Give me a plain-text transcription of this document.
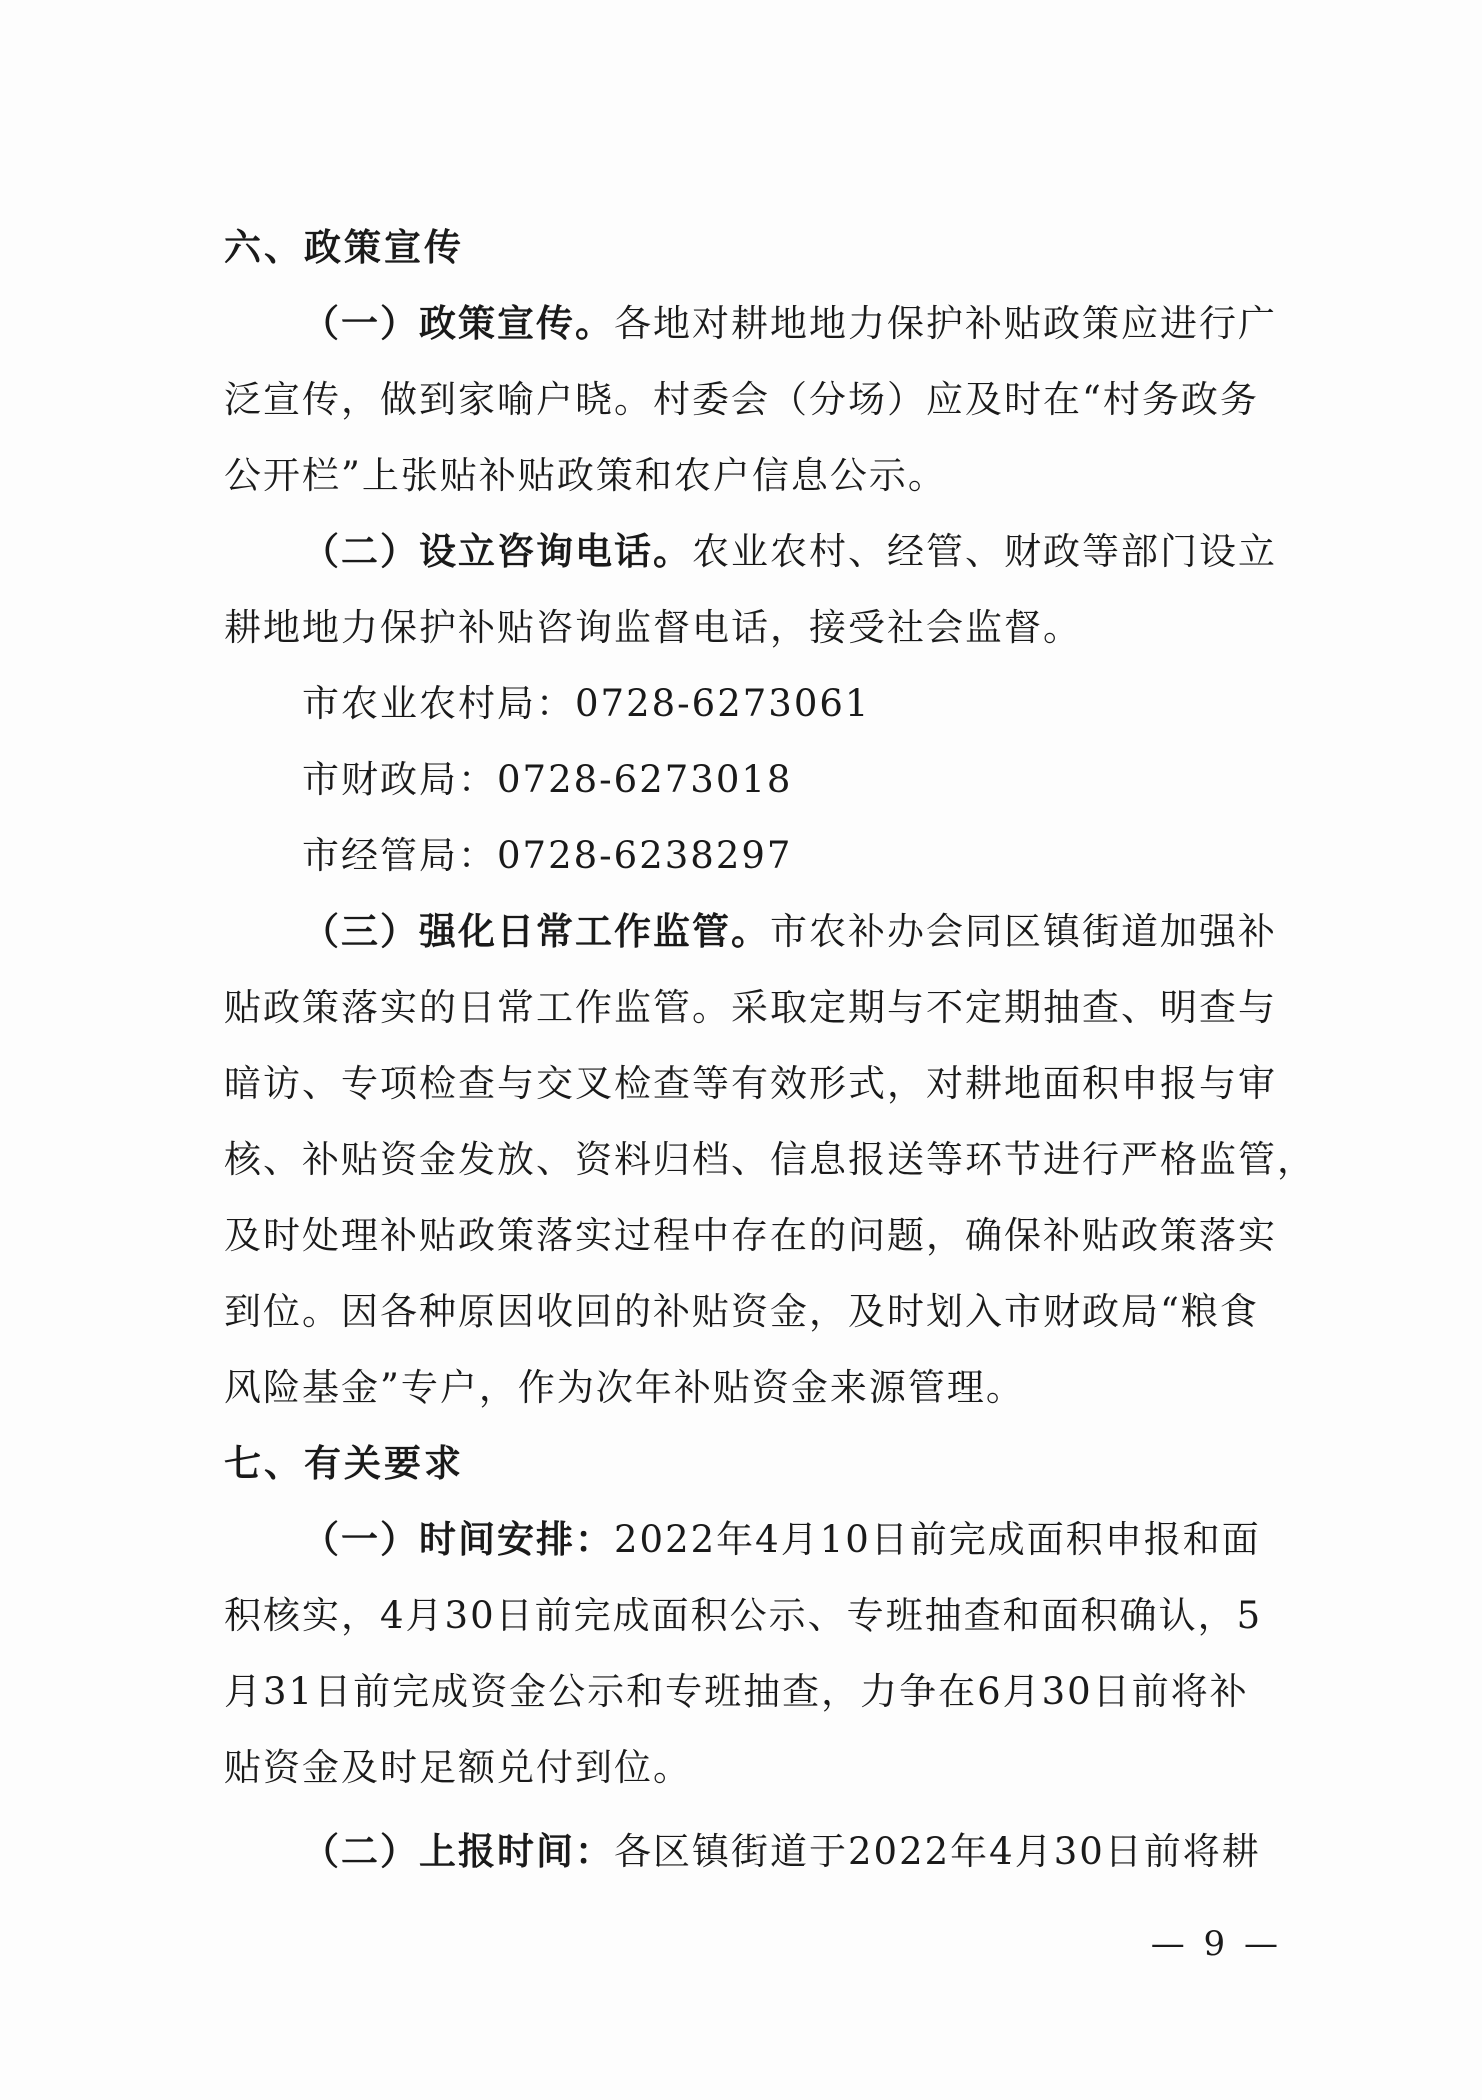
六、政策宣传
（一）政策宣传。各地对耕地地力保护补贴政策应进行广
泛宣传，做到家喻户晓。村委会（分场）应及时在“村务政务
公开栏”上张贴补贴政策和农户信息公示。
（二）设立咨询电话。农业农村、经管、财政等部门设立
耕地地力保护补贴咨询监督电话，接受社会监督。
市农业农村局：0728-6273061
市财政局：0728-6273018
市经管局：0728-6238297
（三）强化日常工作监管。市农补办会同区镇街道加强补
贴政策落实的日常工作监管。采取定期与不定期抽查、明查与
暗访、专项检查与交叉检查等有效形式，对耕地面积申报与审
核、补贴资金发放、资料归档、信息报送等环节进行严格监管，
及时处理补贴政策落实过程中存在的问题，确保补贴政策落实
到位。因各种原因收回的补贴资金，及时划入市财政局“粮食
风险基金”专户，作为次年补贴资金来源管理。
七、有关要求
（一）时间安排：2022年4月10日前完成面积申报和面
积核实，4月30日前完成面积公示、专班抽查和面积确认，5
月31日前完成资金公示和专班抽查，力争在6月30日前将补
贴资金及时足额兑付到位。
（二）上报时间：各区镇街道于2022年4月30日前将耕
— 9 —
